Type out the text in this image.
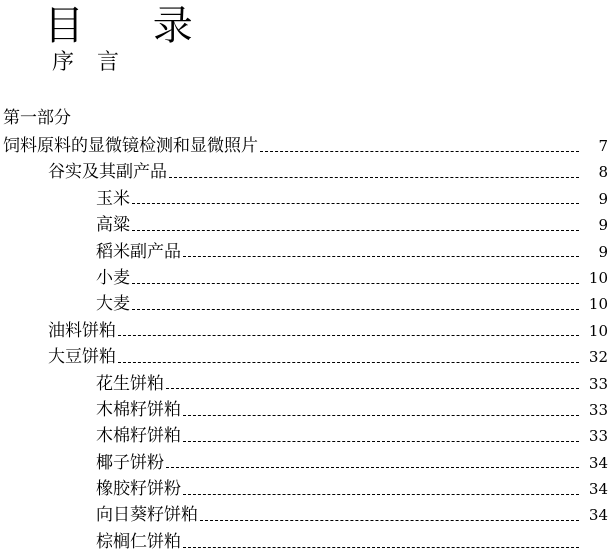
目 录
序 言
第一部分
饲料原料的显微镜检测和显微照片	7
谷实及其副产品	8
玉米	9
高粱	9
稻米副产品	9
小麦	10
大麦	10
油料饼粕	10
大豆饼粕	32
花生饼粕	33
木棉籽饼粕	33
木棉籽饼粕	33
椰子饼粉	34
橡胶籽饼粉	34
向日葵籽饼粕	34
棕榈仁饼粕
